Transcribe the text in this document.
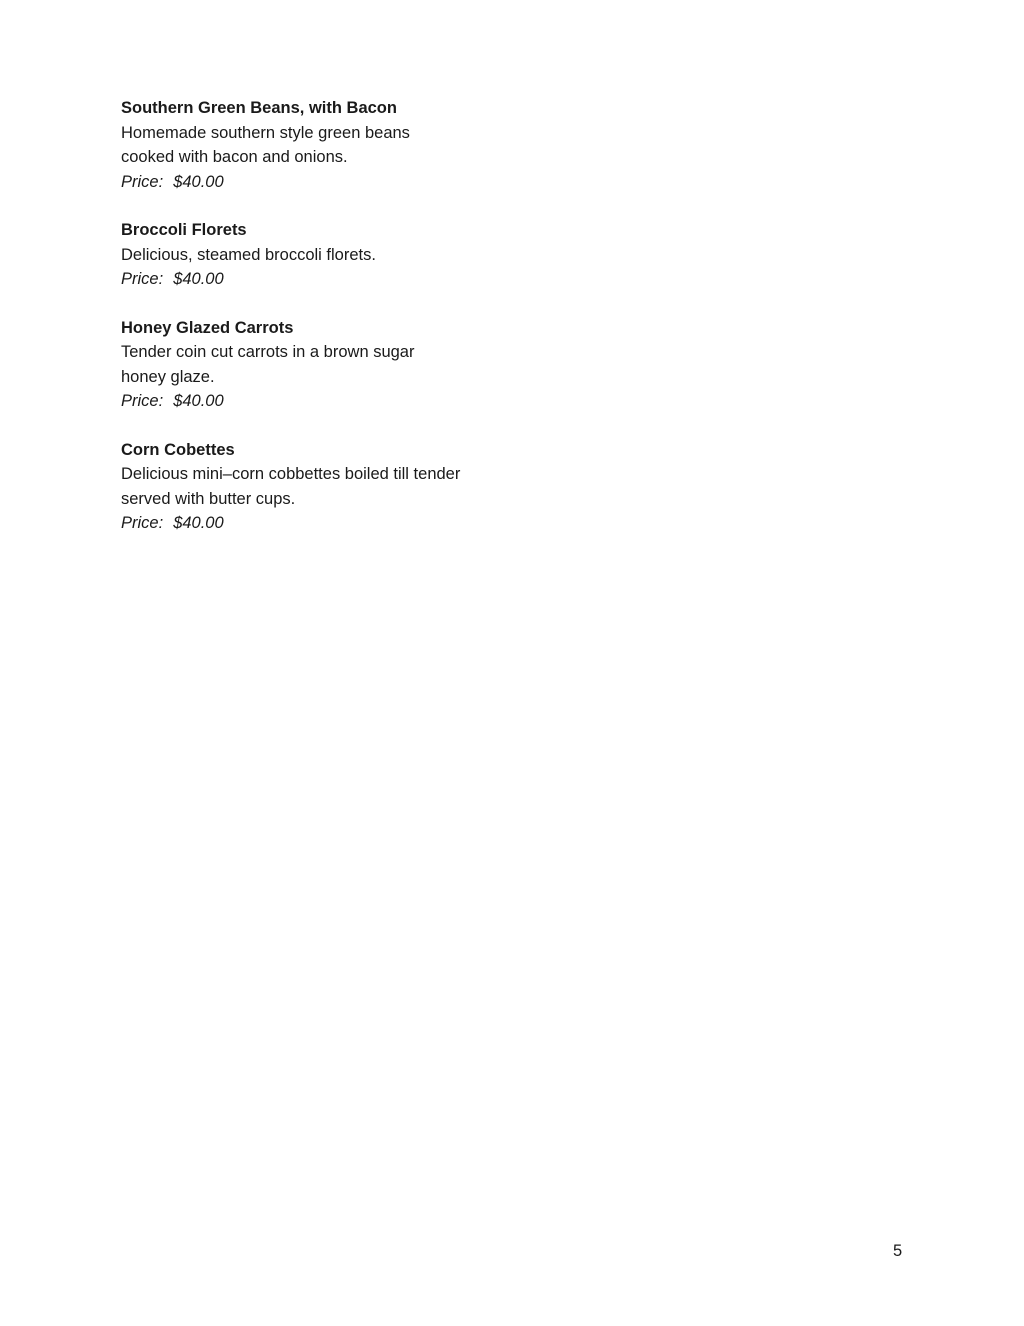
Southern Green Beans, with Bacon
Homemade southern style green beans cooked with bacon and onions.
Price: $40.00
Broccoli Florets
Delicious, steamed broccoli florets.
Price: $40.00
Honey Glazed Carrots
Tender coin cut carrots in a brown sugar honey glaze.
Price: $40.00
Corn Cobettes
Delicious mini–corn cobbettes boiled till tender served with butter cups.
Price: $40.00
5
